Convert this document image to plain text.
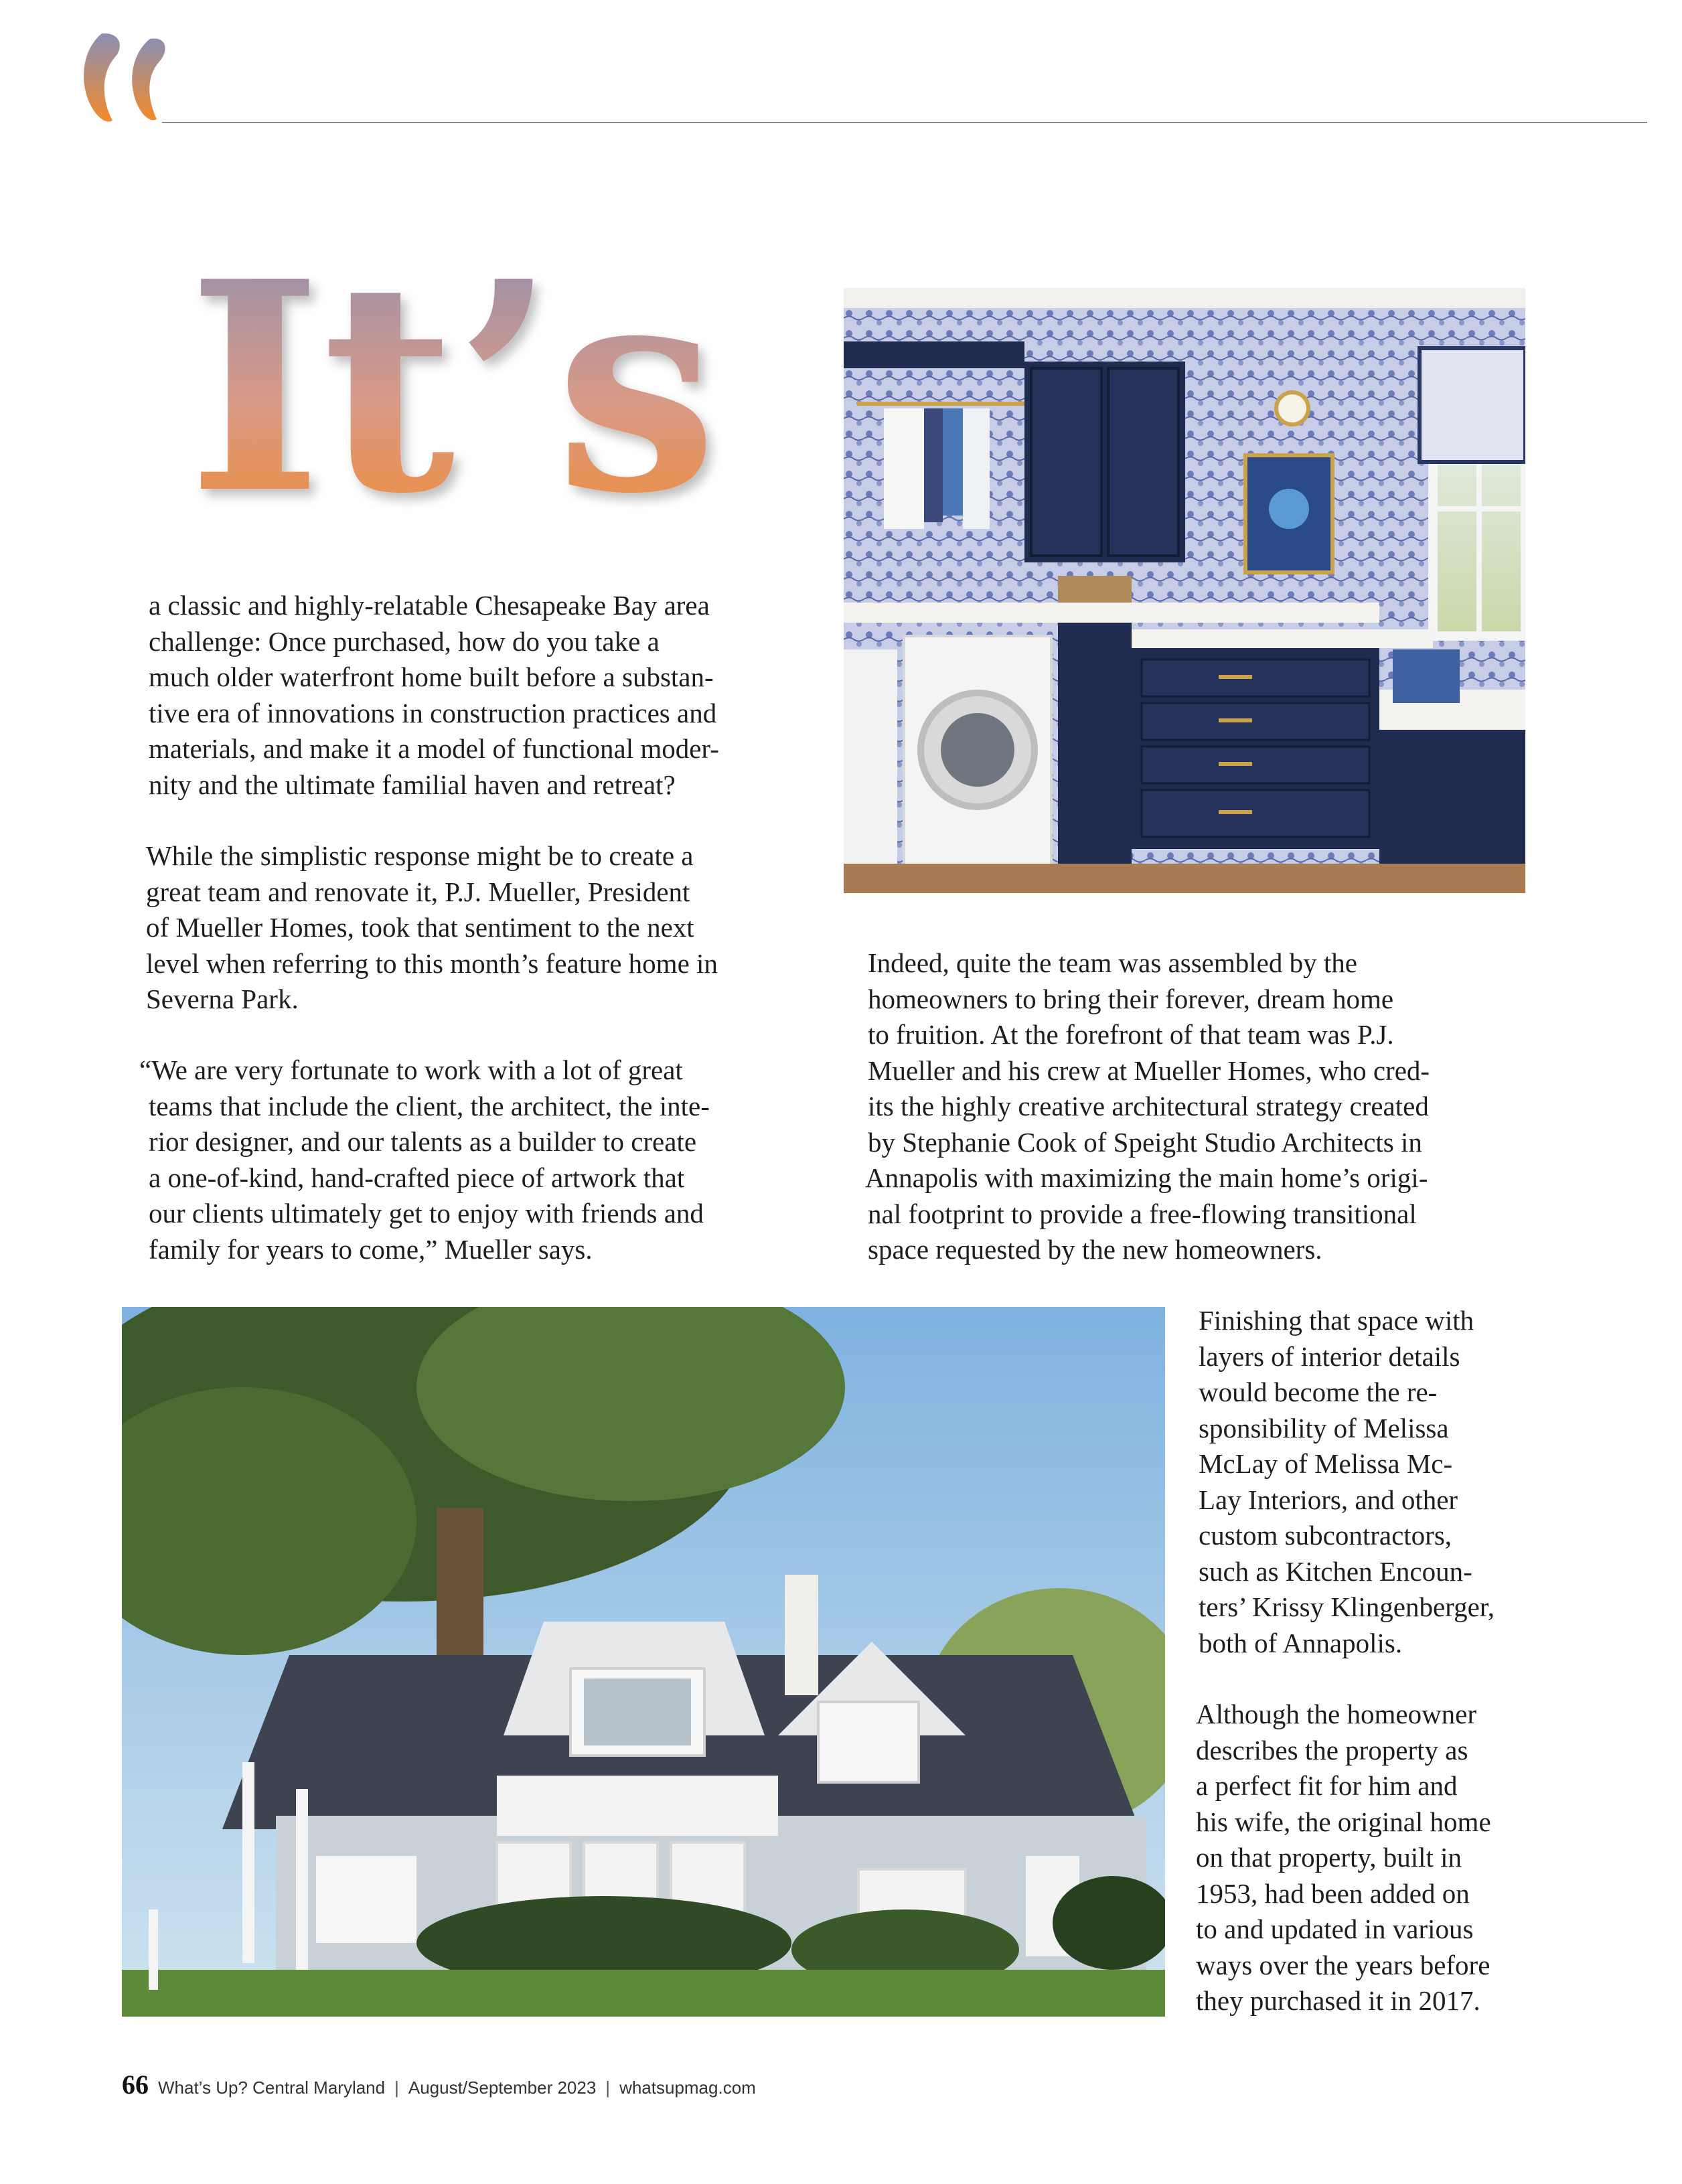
It’s
a classic and highly-relatable Chesapeake Bay area
challenge: Once purchased, how do you take a
much older waterfront home built before a substan-
tive era of innovations in construction practices and
materials, and make it a model of functional moder-
nity and the ultimate familial haven and retreat?
While the simplistic response might be to create a
great team and renovate it, P.J. Mueller, President
of Mueller Homes, took that sentiment to the next
level when referring to this month’s feature home in
Severna Park.
“We are very fortunate to work with a lot of great
teams that include the client, the architect, the inte-
rior designer, and our talents as a builder to create
a one-of-kind, hand-crafted piece of artwork that
our clients ultimately get to enjoy with friends and
family for years to come,” Mueller says.
Indeed, quite the team was assembled by the
homeowners to bring their forever, dream home
to fruition. At the forefront of that team was P.J.
Mueller and his crew at Mueller Homes, who cred-
its the highly creative architectural strategy created
by Stephanie Cook of Speight Studio Architects in
Annapolis with maximizing the main home’s origi-
nal footprint to provide a free-flowing transitional
space requested by the new homeowners.
Finishing that space with
layers of interior details
would become the re-
sponsibility of Melissa
McLay of Melissa Mc-
Lay Interiors, and other
custom subcontractors,
such as Kitchen Encoun-
ters’ Krissy Klingenberger,
both of Annapolis.
Although the homeowner
describes the property as
a perfect fit for him and
his wife, the original home
on that property, built in
1953, had been added on
to and updated in various
ways over the years before
they purchased it in 2017.
66 What’s Up? Central Maryland | August/September 2023 | whatsupmag.com
